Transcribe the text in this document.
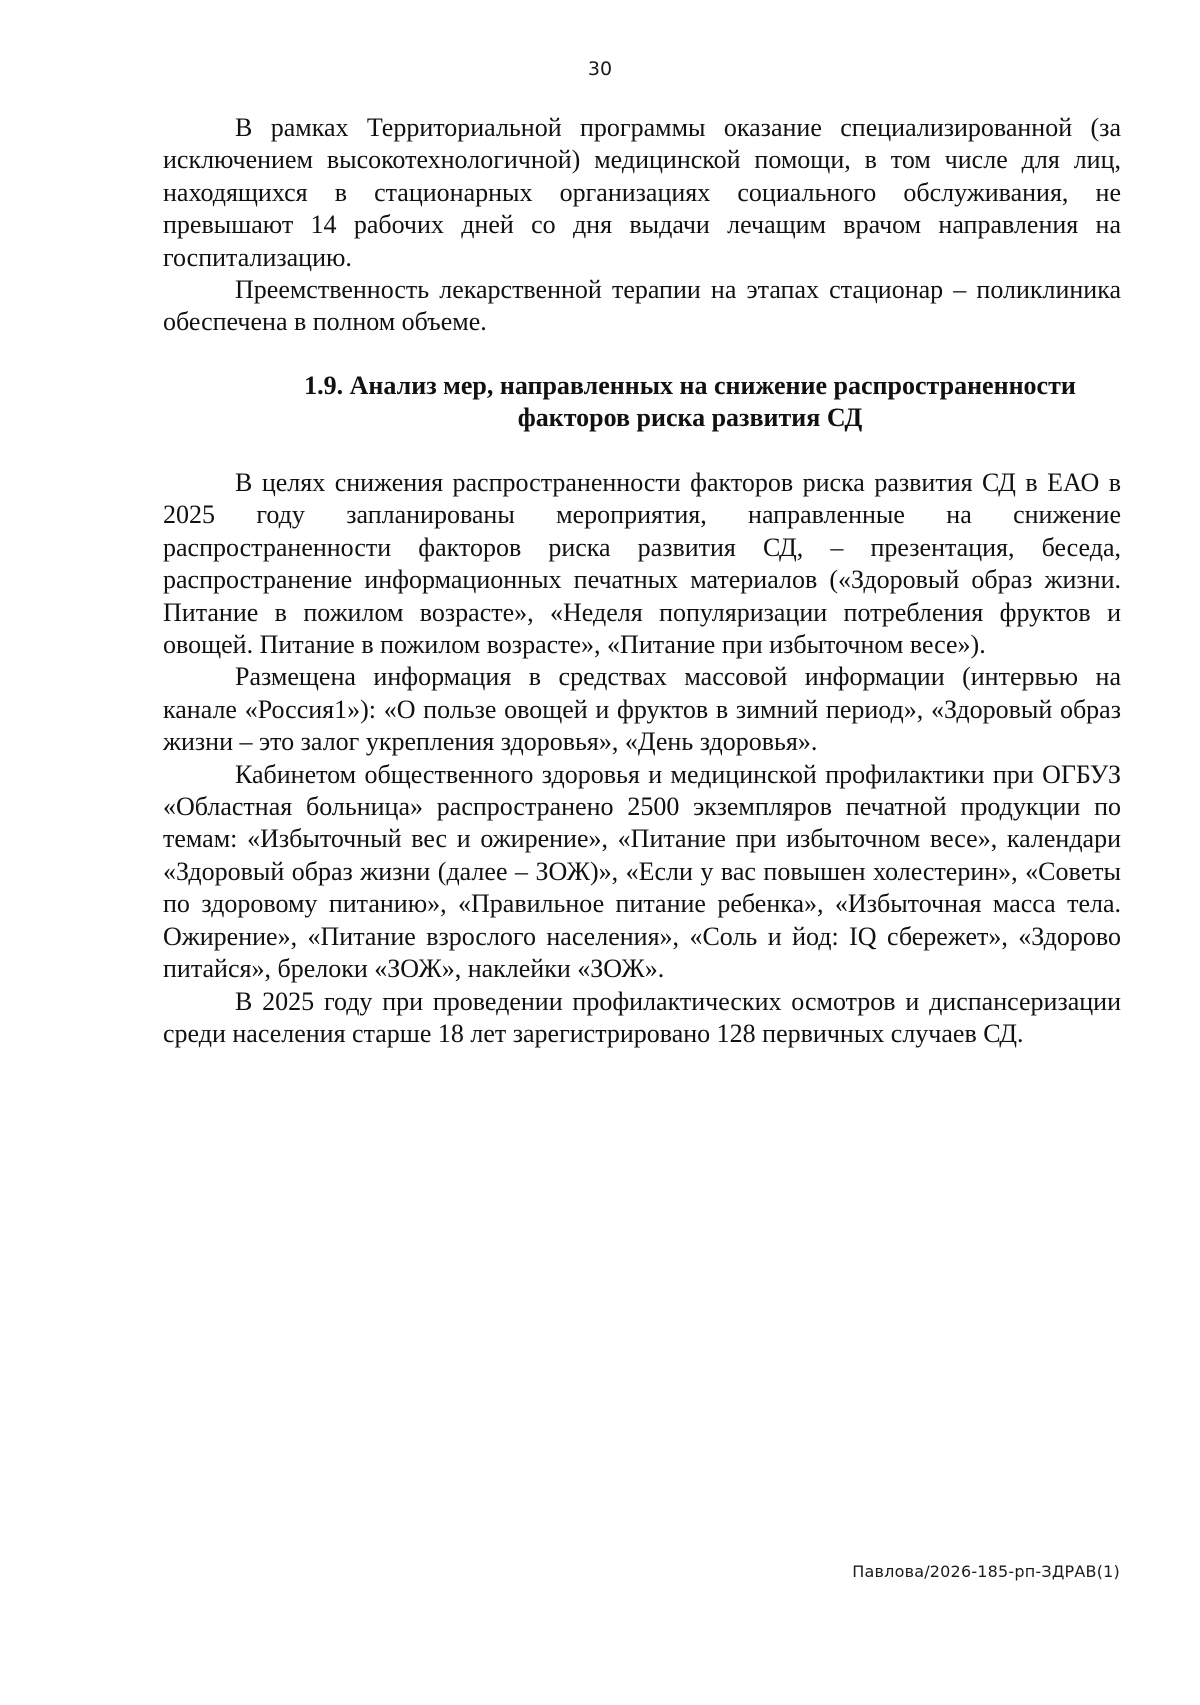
30

В рамках Территориальной программы оказание специализированной (за исключением высокотехнологичной) медицинской помощи, в том числе для лиц, находящихся в стационарных организациях социального обслуживания, не превышают 14 рабочих дней со дня выдачи лечащим врачом направления на госпитализацию.

Преемственность лекарственной терапии на этапах стационар – поликлиника обеспечена в полном объеме.

1.9. Анализ мер, направленных на снижение распространенности
факторов риска развития СД

В целях снижения распространенности факторов риска развития СД в ЕАО в 2025 году запланированы мероприятия, направленные на снижение распространенности факторов риска развития СД, – презентация, беседа, распространение информационных печатных материалов («Здоровый образ жизни. Питание в пожилом возрасте», «Неделя популяризации потребления фруктов и овощей. Питание в пожилом возрасте», «Питание при избыточном весе»).

Размещена информация в средствах массовой информации (интервью на канале «Россия1»): «О пользе овощей и фруктов в зимний период», «Здоровый образ жизни – это залог укрепления здоровья», «День здоровья».

Кабинетом общественного здоровья и медицинской профилактики при ОГБУЗ «Областная больница» распространено 2500 экземпляров печатной продукции по темам: «Избыточный вес и ожирение», «Питание при избыточном весе», календари «Здоровый образ жизни (далее – ЗОЖ)», «Если у вас повышен холестерин», «Советы по здоровому питанию», «Правильное питание ребенка», «Избыточная масса тела. Ожирение», «Питание взрослого населения», «Соль и йод: IQ сбережет», «Здорово питайся», брелоки «ЗОЖ», наклейки «ЗОЖ».

В 2025 году при проведении профилактических осмотров и диспансеризации среди населения старше 18 лет зарегистрировано 128 первичных случаев СД.

Павлова/2026-185-рп-ЗДРАВ(1)
